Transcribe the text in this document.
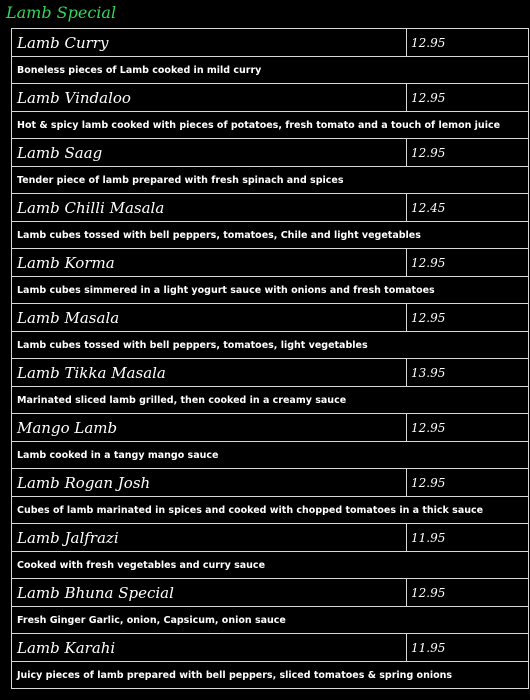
Lamb Special
Lamb Curry	12.95
Boneless pieces of Lamb cooked in mild curry	
Lamb Vindaloo	12.95
Hot & spicy lamb cooked with pieces of potatoes, fresh tomato and a touch of lemon juice	
Lamb Saag	12.95
Tender piece of lamb prepared with fresh spinach and spices	
Lamb Chilli Masala	12.45
Lamb cubes tossed with bell peppers, tomatoes, Chile and light vegetables	
Lamb Korma	12.95
Lamb cubes simmered in a light yogurt sauce with onions and fresh tomatoes	
Lamb Masala	12.95
Lamb cubes tossed with bell peppers, tomatoes, light vegetables	
Lamb Tikka Masala	13.95
Marinated sliced lamb grilled, then cooked in a creamy sauce	
Mango Lamb	12.95
Lamb cooked in a tangy mango sauce	
Lamb Rogan Josh	12.95
Cubes of lamb marinated in spices and cooked with chopped tomatoes in a thick sauce	
Lamb Jalfrazi	11.95
Cooked with fresh vegetables and curry sauce	
Lamb Bhuna Special	12.95
Fresh Ginger Garlic, onion, Capsicum, onion sauce	
Lamb Karahi	11.95
Juicy pieces of lamb prepared with bell peppers, sliced tomatoes & spring onions	
